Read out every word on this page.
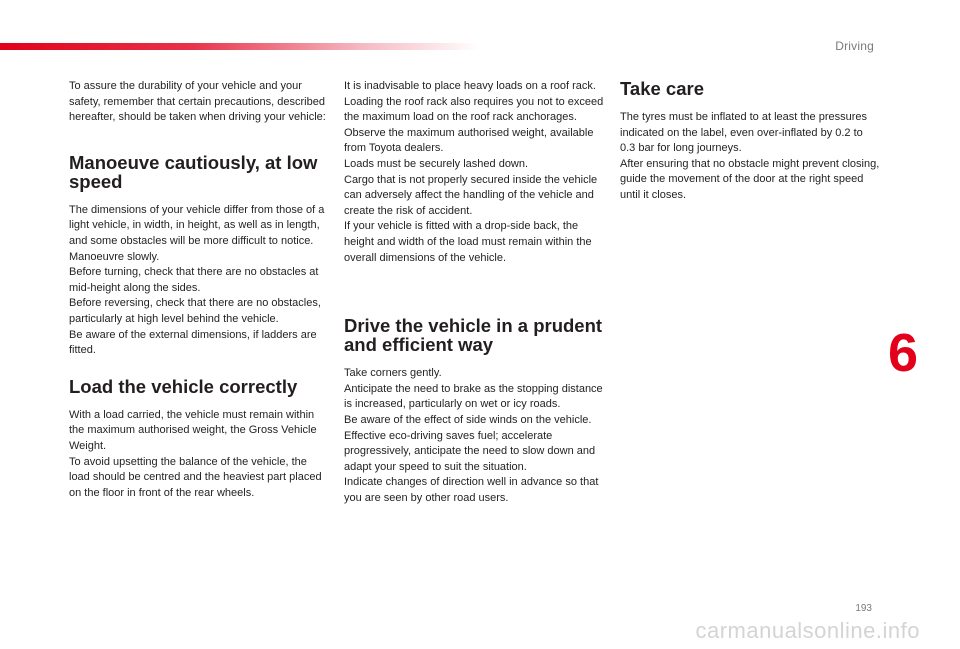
Driving
6

To assure the durability of your vehicle and your safety, remember that certain precautions, described hereafter, should be taken when driving your vehicle:

Manoeuve cautiously, at low speed

The dimensions of your vehicle differ from those of a light vehicle, in width, in height, as well as in length, and some obstacles will be more difficult to notice.
Manoeuvre slowly.
Before turning, check that there are no obstacles at mid-height along the sides.
Before reversing, check that there are no obstacles, particularly at high level behind the vehicle.
Be aware of the external dimensions, if ladders are fitted.

Load the vehicle correctly

With a load carried, the vehicle must remain within the maximum authorised weight, the Gross Vehicle Weight.
To avoid upsetting the balance of the vehicle, the load should be centred and the heaviest part placed on the floor in front of the rear wheels.

It is inadvisable to place heavy loads on a roof rack.
Loading the roof rack also requires you not to exceed the maximum load on the roof rack anchorages. Observe the maximum authorised weight, available from Toyota dealers.
Loads must be securely lashed down.
Cargo that is not properly secured inside the vehicle can adversely affect the handling of the vehicle and create the risk of accident.
If your vehicle is fitted with a drop-side back, the height and width of the load must remain within the overall dimensions of the vehicle.

Drive the vehicle in a prudent and efficient way

Take corners gently.
Anticipate the need to brake as the stopping distance is increased, particularly on wet or icy roads.
Be aware of the effect of side winds on the vehicle.
Effective eco-driving saves fuel; accelerate progressively, anticipate the need to slow down and adapt your speed to suit the situation.
Indicate changes of direction well in advance so that you are seen by other road users.

Take care

The tyres must be inflated to at least the pressures indicated on the label, even over-inflated by 0.2 to 0.3 bar for long journeys.
After ensuring that no obstacle might prevent closing, guide the movement of the door at the right speed until it closes.

193
carmanualsonline.info
